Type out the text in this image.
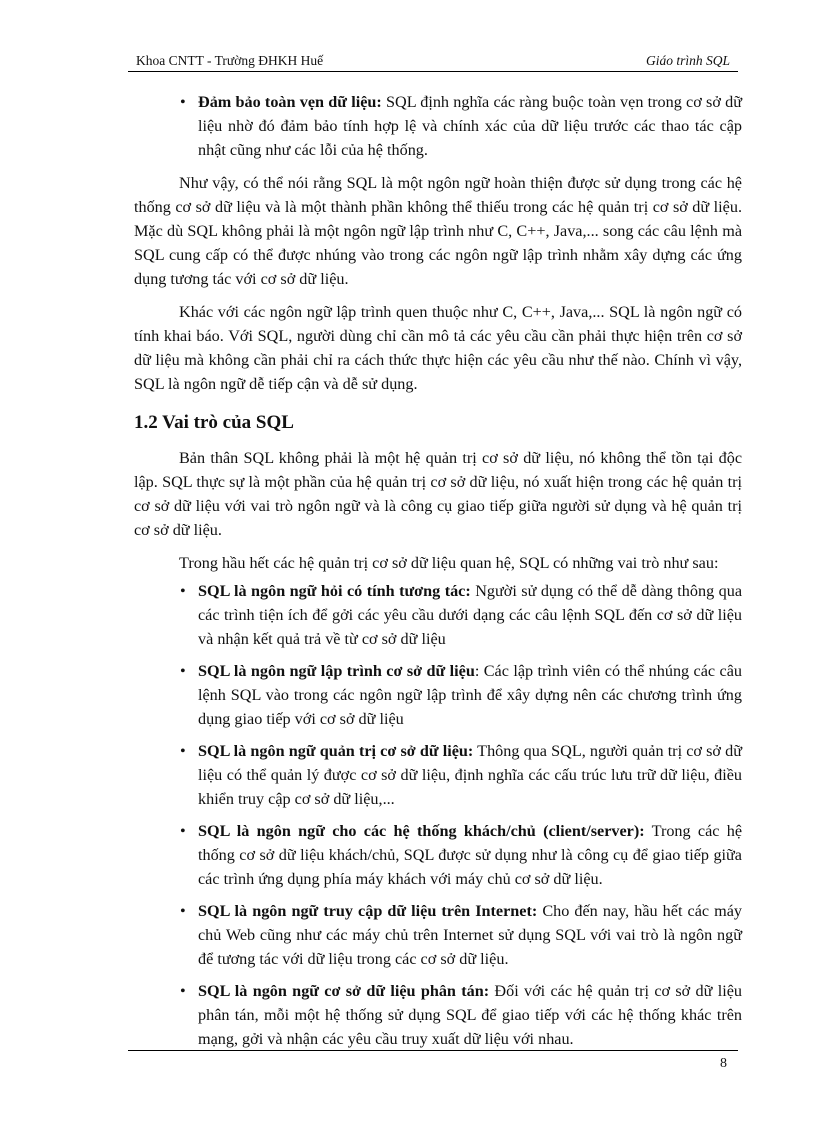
Khoa CNTT - Trường ĐHKH Huế	Giáo trình SQL
• Đảm bảo toàn vẹn dữ liệu: SQL định nghĩa các ràng buộc toàn vẹn trong cơ sở dữ liệu nhờ đó đảm bảo tính hợp lệ và chính xác của dữ liệu trước các thao tác cập nhật cũng như các lỗi của hệ thống.

Như vậy, có thể nói rằng SQL là một ngôn ngữ hoàn thiện được sử dụng trong các hệ thống cơ sở dữ liệu và là một thành phần không thể thiếu trong các hệ quản trị cơ sở dữ liệu. Mặc dù SQL không phải là một ngôn ngữ lập trình như C, C++, Java,... song các câu lệnh mà SQL cung cấp có thể được nhúng vào trong các ngôn ngữ lập trình nhằm xây dựng các ứng dụng tương tác với cơ sở dữ liệu.

Khác với các ngôn ngữ lập trình quen thuộc như C, C++, Java,... SQL là ngôn ngữ có tính khai báo. Với SQL, người dùng chỉ cần mô tả các yêu cầu cần phải thực hiện trên cơ sở dữ liệu mà không cần phải chỉ ra cách thức thực hiện các yêu cầu như thế nào. Chính vì vậy, SQL là ngôn ngữ dễ tiếp cận và dễ sử dụng.

1.2 Vai trò của SQL

Bản thân SQL không phải là một hệ quản trị cơ sở dữ liệu, nó không thể tồn tại độc lập. SQL thực sự là một phần của hệ quản trị cơ sở dữ liệu, nó xuất hiện trong các hệ quản trị cơ sở dữ liệu với vai trò ngôn ngữ và là công cụ giao tiếp giữa người sử dụng và hệ quản trị cơ sở dữ liệu.

Trong hầu hết các hệ quản trị cơ sở dữ liệu quan hệ, SQL có những vai trò như sau:

• SQL là ngôn ngữ hỏi có tính tương tác: Người sử dụng có thể dễ dàng thông qua các trình tiện ích để gởi các yêu cầu dưới dạng các câu lệnh SQL đến cơ sở dữ liệu và nhận kết quả trả về từ cơ sở dữ liệu
• SQL là ngôn ngữ lập trình cơ sở dữ liệu: Các lập trình viên có thể nhúng các câu lệnh SQL vào trong các ngôn ngữ lập trình để xây dựng nên các chương trình ứng dụng giao tiếp với cơ sở dữ liệu
• SQL là ngôn ngữ quản trị cơ sở dữ liệu: Thông qua SQL, người quản trị cơ sở dữ liệu có thể quản lý được cơ sở dữ liệu, định nghĩa các cấu trúc lưu trữ dữ liệu, điều khiển truy cập cơ sở dữ liệu,...
• SQL là ngôn ngữ cho các hệ thống khách/chủ (client/server): Trong các hệ thống cơ sở dữ liệu khách/chủ, SQL được sử dụng như là công cụ để giao tiếp giữa các trình ứng dụng phía máy khách với máy chủ cơ sở dữ liệu.
• SQL là ngôn ngữ truy cập dữ liệu trên Internet: Cho đến nay, hầu hết các máy chủ Web cũng như các máy chủ trên Internet sử dụng SQL với vai trò là ngôn ngữ để tương tác với dữ liệu trong các cơ sở dữ liệu.
• SQL là ngôn ngữ cơ sở dữ liệu phân tán: Đối với các hệ quản trị cơ sở dữ liệu phân tán, mỗi một hệ thống sử dụng SQL để giao tiếp với các hệ thống khác trên mạng, gởi và nhận các yêu cầu truy xuất dữ liệu với nhau.
8
